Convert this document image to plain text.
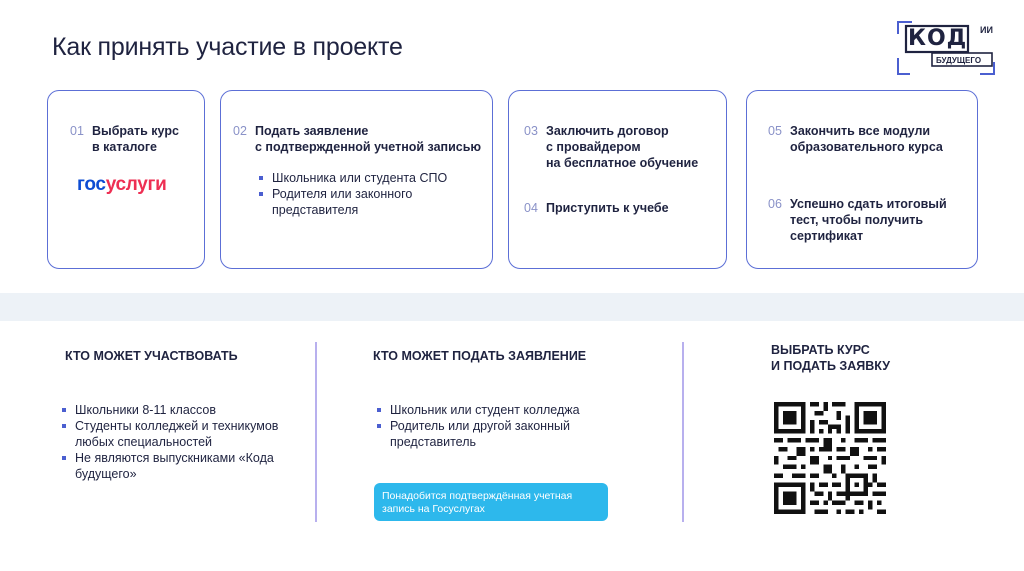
Как принять участие в проекте	КОД ИИ
БУДУЩЕГО
01 Выбрать курс
в каталоге
госуслуги
02 Подать заявление
с подтвержденной учетной записью
Школьника или студента СПО
Родителя или законного представителя
03 Заключить договор
с провайдером
на бесплатное обучение
04 Приступить к учебе
05 Закончить все модули
образовательного курса
06 Успешно сдать итоговый
тест, чтобы получить
сертификат
КТО МОЖЕТ УЧАСТВОВАТЬ
Школьники 8-11 классов
Студенты колледжей и техникумов любых специальностей
Не являются выпускниками «Кода будущего»
КТО МОЖЕТ ПОДАТЬ ЗАЯВЛЕНИЕ
Школьник или студент колледжа
Родитель или другой законный представитель
Понадобится подтверждённая учетная
запись на Госуслугах
ВЫБРАТЬ КУРС
И ПОДАТЬ ЗАЯВКУ
